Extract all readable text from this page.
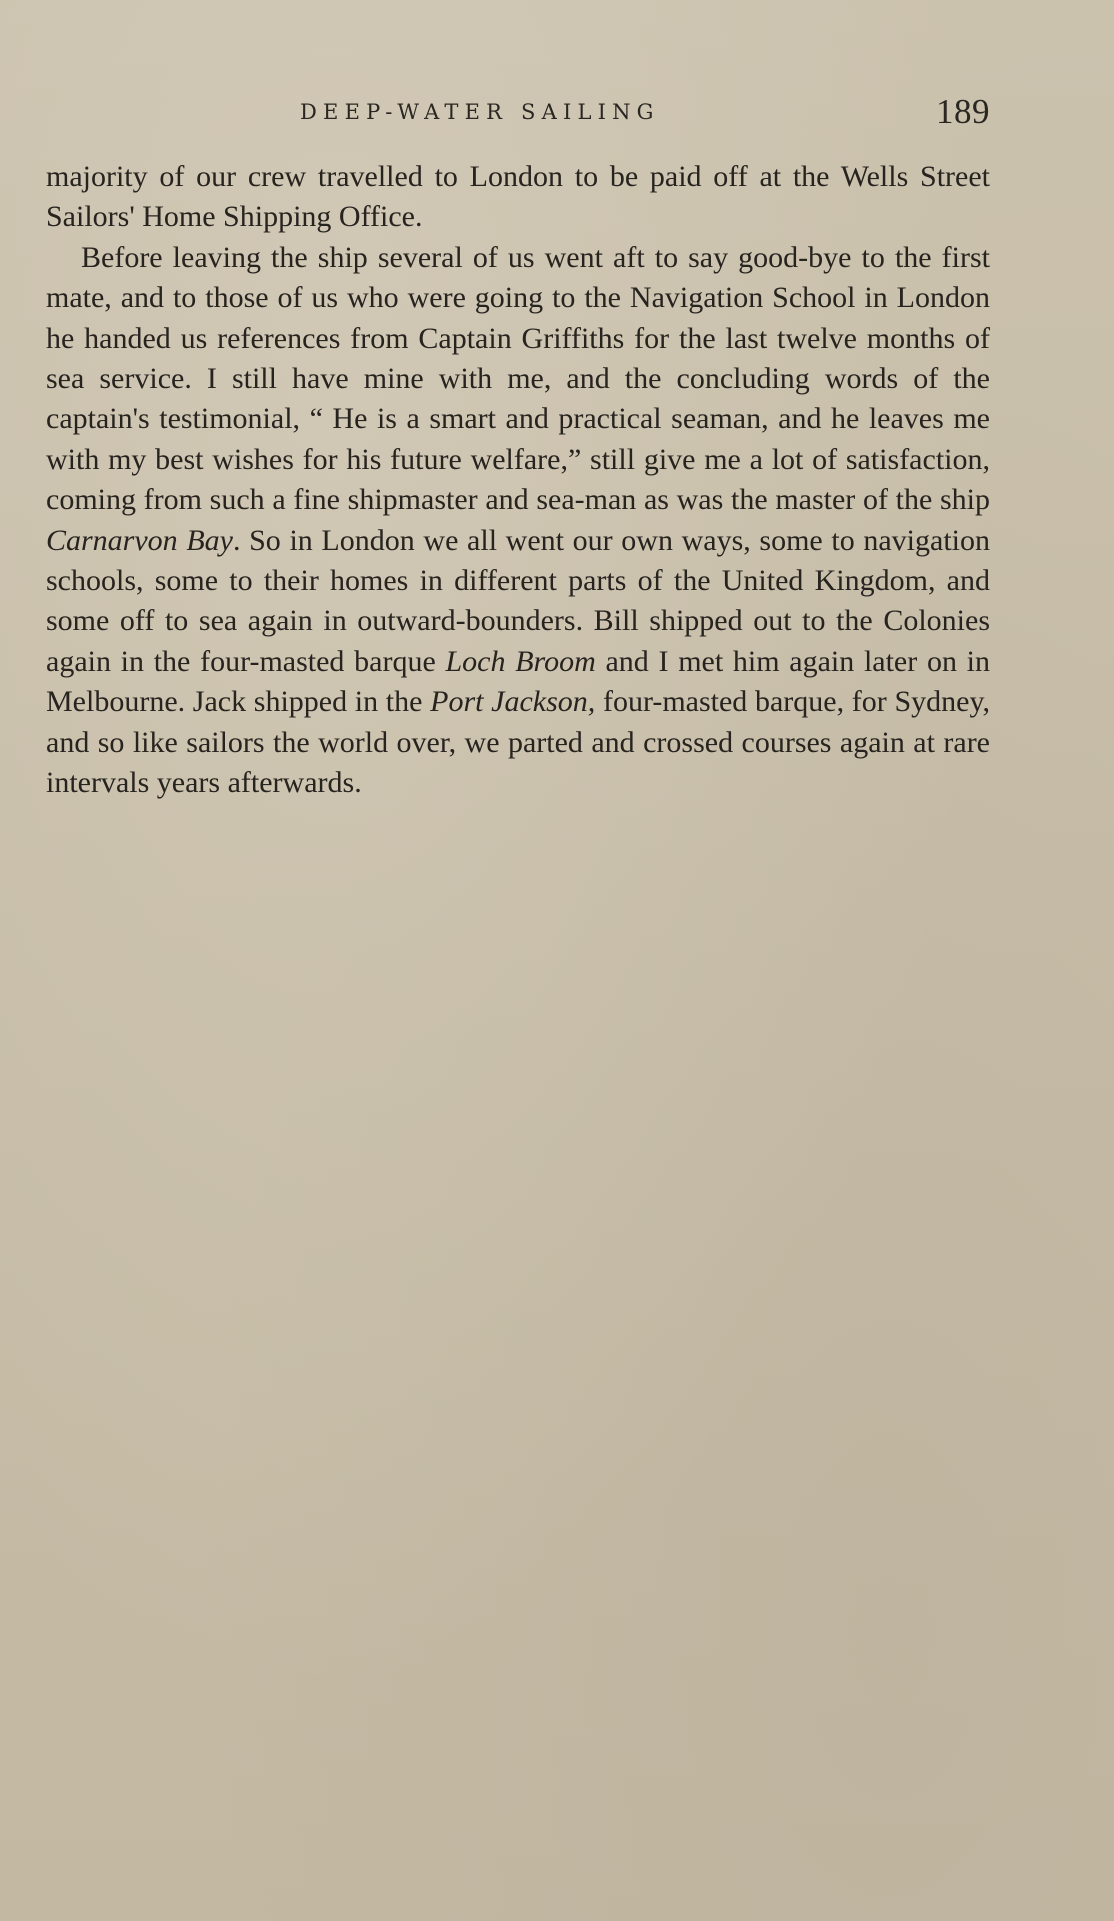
DEEP-WATER SAILING	189

majority of our crew travelled to London to be paid off at the Wells Street Sailors' Home Shipping Office.

Before leaving the ship several of us went aft to say good-bye to the first mate, and to those of us who were going to the Navigation School in London he handed us references from Captain Griffiths for the last twelve months of sea service. I still have mine with me, and the concluding words of the captain's testimonial, “ He is a smart and practical seaman, and he leaves me with my best wishes for his future welfare,” still give me a lot of satisfaction, coming from such a fine shipmaster and sea-man as was the master of the ship Carnarvon Bay. So in London we all went our own ways, some to navigation schools, some to their homes in different parts of the United Kingdom, and some off to sea again in outward-bounders. Bill shipped out to the Colonies again in the four-masted barque Loch Broom and I met him again later on in Melbourne. Jack shipped in the Port Jackson, four-masted barque, for Sydney, and so like sailors the world over, we parted and crossed courses again at rare intervals years afterwards.
